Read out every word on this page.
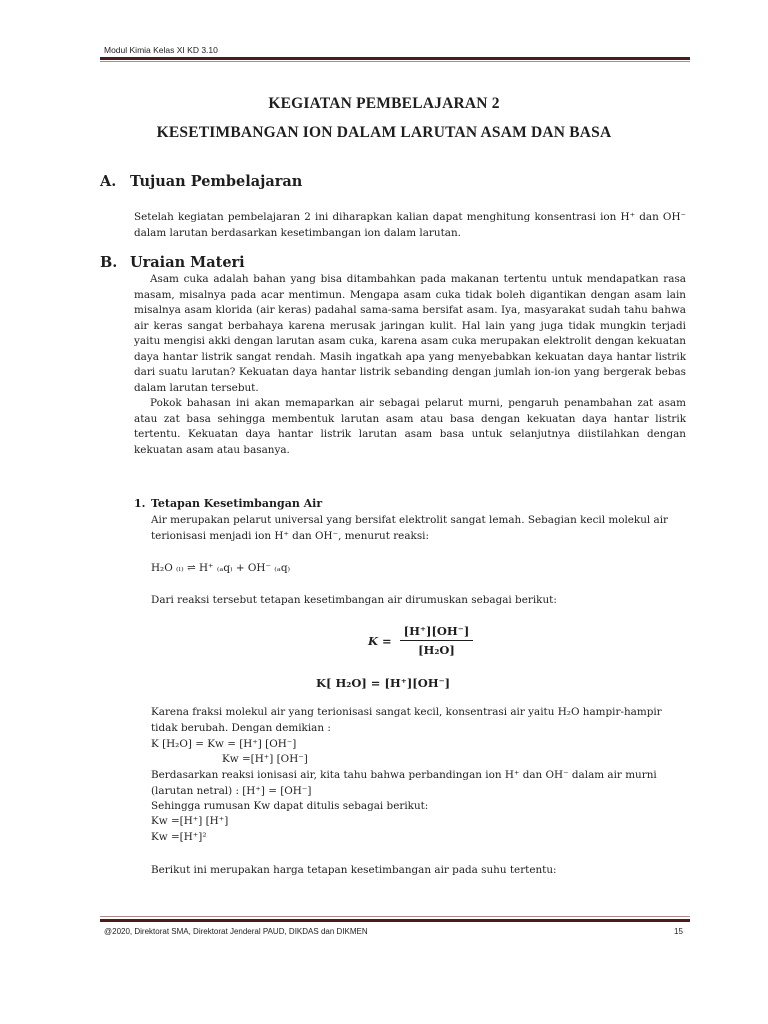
Modul Kimia Kelas XI KD 3.10
KEGIATAN PEMBELAJARAN 2
KESETIMBANGAN ION DALAM LARUTAN ASAM DAN BASA
A. Tujuan Pembelajaran

Setelah kegiatan pembelajaran 2 ini diharapkan kalian dapat menghitung konsentrasi ion H⁺ dan OH⁻ dalam larutan berdasarkan kesetimbangan ion dalam larutan.

B. Uraian Materi

Asam cuka adalah bahan yang bisa ditambahkan pada makanan tertentu untuk mendapatkan rasa masam, misalnya pada acar mentimun. Mengapa asam cuka tidak boleh digantikan dengan asam lain misalnya asam klorida (air keras) padahal sama-sama bersifat asam. Iya, masyarakat sudah tahu bahwa air keras sangat berbahaya karena merusak jaringan kulit. Hal lain yang juga tidak mungkin terjadi yaitu mengisi akki dengan larutan asam cuka, karena asam cuka merupakan elektrolit dengan kekuatan daya hantar listrik sangat rendah. Masih ingatkah apa yang menyebabkan kekuatan daya hantar listrik dari suatu larutan? Kekuatan daya hantar listrik sebanding dengan jumlah ion-ion yang bergerak bebas dalam larutan tersebut.

Pokok bahasan ini akan memaparkan air sebagai pelarut murni, pengaruh penambahan zat asam atau zat basa sehingga membentuk larutan asam atau basa dengan kekuatan daya hantar listrik tertentu. Kekuatan daya hantar listrik larutan asam basa untuk selanjutnya diistilahkan dengan kekuatan asam atau basanya.

1. Tetapan Kesetimbangan Air
Air merupakan pelarut universal yang bersifat elektrolit sangat lemah. Sebagian kecil molekul air terionisasi menjadi ion H⁺ dan OH⁻, menurut reaksi:
H₂O ₍ₗ₎ ⇌ H⁺ ₍ₐq₎ + OH⁻ ₍ₐq₎
Dari reaksi tersebut tetapan kesetimbangan air dirumuskan sebagai berikut:
$K = \frac{[H^+][OH^-]}{\text{[H₂O]}}$
K[ H₂O] = [H⁺][OH⁻]
Karena fraksi molekul air yang terionisasi sangat kecil, konsentrasi air yaitu H₂O hampir-hampir tidak berubah. Dengan demikian :
K [H₂O] = Kw = [H⁺] [OH⁻]
Kw =[H⁺] [OH⁻]
Berdasarkan reaksi ionisasi air, kita tahu bahwa perbandingan ion H⁺ dan OH⁻ dalam air murni (larutan netral) : [H⁺] = [OH⁻]
Sehingga rumusan Kw dapat ditulis sebagai berikut:
Kw =[H⁺] [H⁺]
Kw =[H⁺]²
Berikut ini merupakan harga tetapan kesetimbangan air pada suhu tertentu:
@2020, Direktorat SMA, Direktorat Jenderal PAUD, DIKDAS dan DIKMEN	15
